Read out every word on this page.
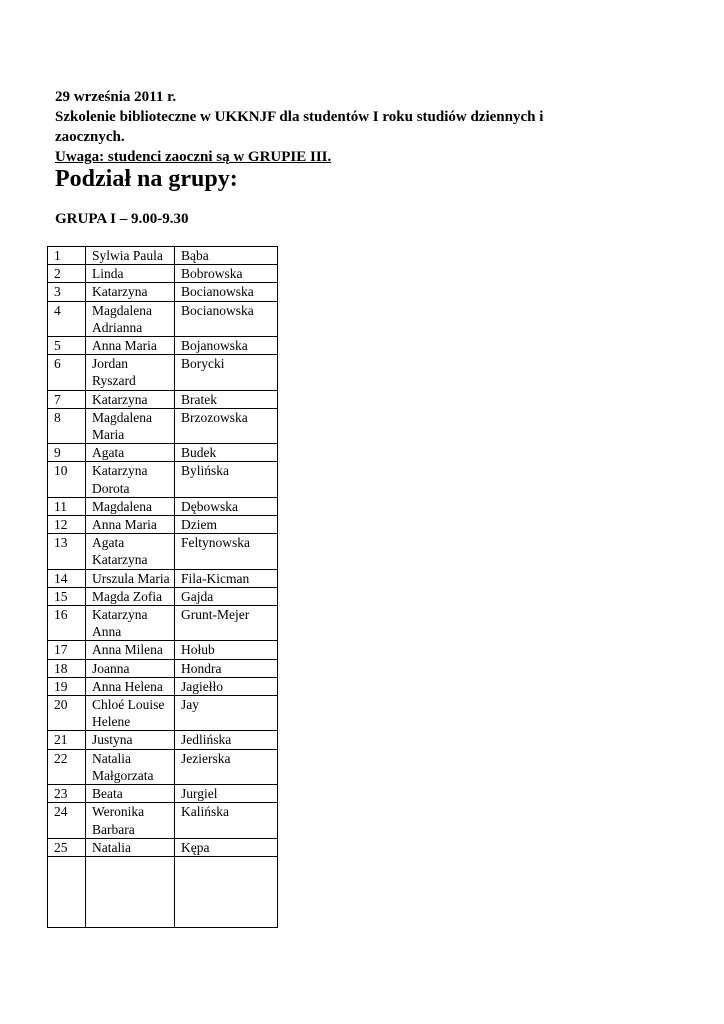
29 września 2011 r.
Szkolenie biblioteczne w UKKNJF dla studentów I roku studiów dziennych i
zaocznych.
Uwaga: studenci zaoczni są w GRUPIE III.
Podział na grupy:
GRUPA I – 9.00-9.30
1	Sylwia Paula	Bąba
2	Linda	Bobrowska
3	Katarzyna	Bocianowska
4	Magdalena Adrianna	Bocianowska
5	Anna Maria	Bojanowska
6	Jordan Ryszard	Borycki
7	Katarzyna	Bratek
8	Magdalena Maria	Brzozowska
9	Agata	Budek
10	Katarzyna Dorota	Bylińska
11	Magdalena	Dębowska
12	Anna Maria	Dziem
13	Agata Katarzyna	Feltynowska
14	Urszula Maria	Fila-Kicman
15	Magda Zofia	Gajda
16	Katarzyna Anna	Grunt-Mejer
17	Anna Milena	Hołub
18	Joanna	Hondra
19	Anna Helena	Jagiełło
20	Chloé Louise Helene	Jay
21	Justyna	Jedlińska
22	Natalia Małgorzata	Jezierska
23	Beata	Jurgiel
24	Weronika Barbara	Kalińska
25	Natalia	Kępa
